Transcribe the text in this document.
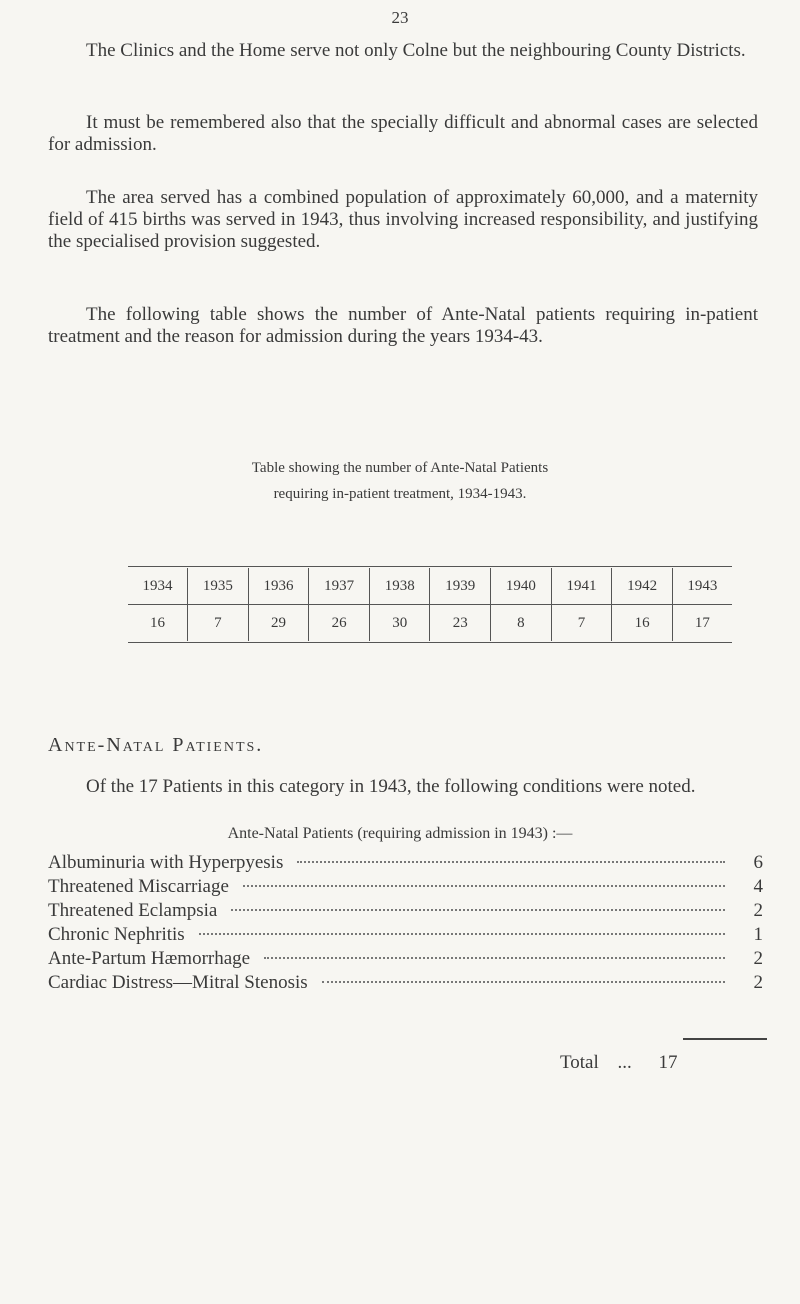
23

The Clinics and the Home serve not only Colne but the neighbouring County Districts.

It must be remembered also that the specially difficult and abnormal cases are selected for admission.

The area served has a combined population of approximately 60,000, and a maternity field of 415 births was served in 1943, thus involving increased responsibility, and justifying the specialised provision suggested.

The following table shows the number of Ante-Natal patients requiring in-patient treatment and the reason for admission during the years 1934-43.

Table showing the number of Ante-Natal Patients
requiring in-patient treatment, 1934-1943.
1934	1935	1936	1937	1938	1939	1940	1941	1942	1943
16	7	29	26	30	23	8	7	16	17
Ante-Natal Patients.

Of the 17 Patients in this category in 1943, the following conditions were noted.

Ante-Natal Patients (requiring admission in 1943) :—
Albuminuria with Hyperpyesis	6
Threatened Miscarriage	4
Threatened Eclampsia	2
Chronic Nephritis	1
Ante-Partum Hæmorrhage	2
Cardiac Distress—Mitral Stenosis	2
Total ... 17
